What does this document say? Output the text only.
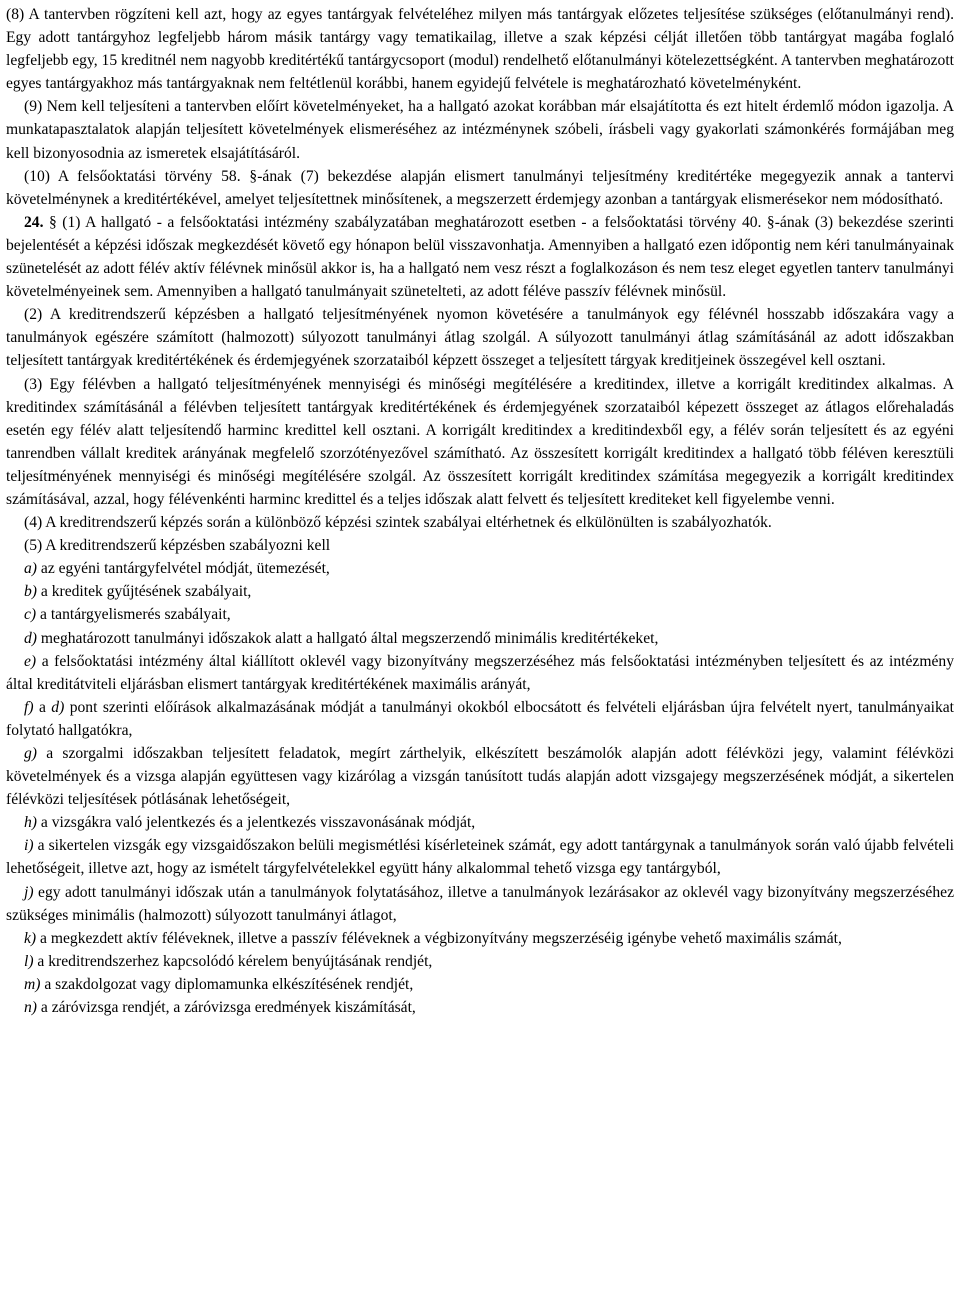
(8) A tantervben rögzíteni kell azt, hogy az egyes tantárgyak felvételéhez milyen más tantárgyak előzetes teljesítése szükséges (előtanulmányi rend). Egy adott tantárgyhoz legfeljebb három másik tantárgy vagy tematikailag, illetve a szak képzési célját illetően több tantárgyat magába foglaló legfeljebb egy, 15 kreditnél nem nagyobb kreditértékű tantárgycsoport (modul) rendelhető előtanulmányi kötelezettségként. A tantervben meghatározott egyes tantárgyakhoz más tantárgyaknak nem feltétlenül korábbi, hanem egyidejű felvétele is meghatározható követelményként.

(9) Nem kell teljesíteni a tantervben előírt követelményeket, ha a hallgató azokat korábban már elsajátította és ezt hitelt érdemlő módon igazolja. A munkatapasztalatok alapján teljesített követelmények elismeréséhez az intézménynek szóbeli, írásbeli vagy gyakorlati számonkérés formájában meg kell bizonyosodnia az ismeretek elsajátításáról.

(10) A felsőoktatási törvény 58. §-ának (7) bekezdése alapján elismert tanulmányi teljesítmény kreditértéke megegyezik annak a tantervi követelménynek a kreditértékével, amelyet teljesítettnek minősítenek, a megszerzett érdemjegy azonban a tantárgyak elismerésekor nem módosítható.

24. § (1) A hallgató - a felsőoktatási intézmény szabályzatában meghatározott esetben - a felsőoktatási törvény 40. §-ának (3) bekezdése szerinti bejelentését a képzési időszak megkezdését követő egy hónapon belül visszavonhatja. Amennyiben a hallgató ezen időpontig nem kéri tanulmányainak szünetelését az adott félév aktív félévnek minősül akkor is, ha a hallgató nem vesz részt a foglalkozáson és nem tesz eleget egyetlen tanterv tanulmányi követelményeinek sem. Amennyiben a hallgató tanulmányait szünetelteti, az adott féléve passzív félévnek minősül.

(2) A kreditrendszerű képzésben a hallgató teljesítményének nyomon követésére a tanulmányok egy félévnél hosszabb időszakára vagy a tanulmányok egészére számított (halmozott) súlyozott tanulmányi átlag szolgál. A súlyozott tanulmányi átlag számításánál az adott időszakban teljesített tantárgyak kreditértékének és érdemjegyének szorzataiból képzett összeget a teljesített tárgyak kreditjeinek összegével kell osztani.

(3) Egy félévben a hallgató teljesítményének mennyiségi és minőségi megítélésére a kreditindex, illetve a korrigált kreditindex alkalmas. A kreditindex számításánál a félévben teljesített tantárgyak kreditértékének és érdemjegyének szorzataiból képezett összeget az átlagos előrehaladás esetén egy félév alatt teljesítendő harminc kredittel kell osztani. A korrigált kreditindex a kreditindexből egy, a félév során teljesített és az egyéni tanrendben vállalt kreditek arányának megfelelő szorzótényezővel számítható. Az összesített korrigált kreditindex a hallgató több féléven keresztüli teljesítményének mennyiségi és minőségi megítélésére szolgál. Az összesített korrigált kreditindex számítása megegyezik a korrigált kreditindex számításával, azzal, hogy félévenkénti harminc kredittel és a teljes időszak alatt felvett és teljesített krediteket kell figyelembe venni.

(4) A kreditrendszerű képzés során a különböző képzési szintek szabályai eltérhetnek és elkülönülten is szabályozhatók.

(5) A kreditrendszerű képzésben szabályozni kell

a) az egyéni tantárgyfelvétel módját, ütemezését,

b) a kreditek gyűjtésének szabályait,

c) a tantárgyelismerés szabályait,

d) meghatározott tanulmányi időszakok alatt a hallgató által megszerzendő minimális kreditértékeket,

e) a felsőoktatási intézmény által kiállított oklevél vagy bizonyítvány megszerzéséhez más felsőoktatási intézményben teljesített és az intézmény által kreditátviteli eljárásban elismert tantárgyak kreditértékének maximális arányát,

f) a d) pont szerinti előírások alkalmazásának módját a tanulmányi okokból elbocsátott és felvételi eljárásban újra felvételt nyert, tanulmányaikat folytató hallgatókra,

g) a szorgalmi időszakban teljesített feladatok, megírt zárthelyik, elkészített beszámolók alapján adott félévközi jegy, valamint félévközi követelmények és a vizsga alapján együttesen vagy kizárólag a vizsgán tanúsított tudás alapján adott vizsgajegy megszerzésének módját, a sikertelen félévközi teljesítések pótlásának lehetőségeit,

h) a vizsgákra való jelentkezés és a jelentkezés visszavonásának módját,

i) a sikertelen vizsgák egy vizsgaidőszakon belüli megismétlési kísérleteinek számát, egy adott tantárgynak a tanulmányok során való újabb felvételi lehetőségeit, illetve azt, hogy az ismételt tárgyfelvételekkel együtt hány alkalommal tehető vizsga egy tantárgyból,

j) egy adott tanulmányi időszak után a tanulmányok folytatásához, illetve a tanulmányok lezárásakor az oklevél vagy bizonyítvány megszerzéséhez szükséges minimális (halmozott) súlyozott tanulmányi átlagot,

k) a megkezdett aktív féléveknek, illetve a passzív féléveknek a végbizonyítvány megszerzéséig igénybe vehető maximális számát,

l) a kreditrendszerhez kapcsolódó kérelem benyújtásának rendjét,

m) a szakdolgozat vagy diplomamunka elkészítésének rendjét,

n) a záróvizsga rendjét, a záróvizsga eredmények kiszámítását,
